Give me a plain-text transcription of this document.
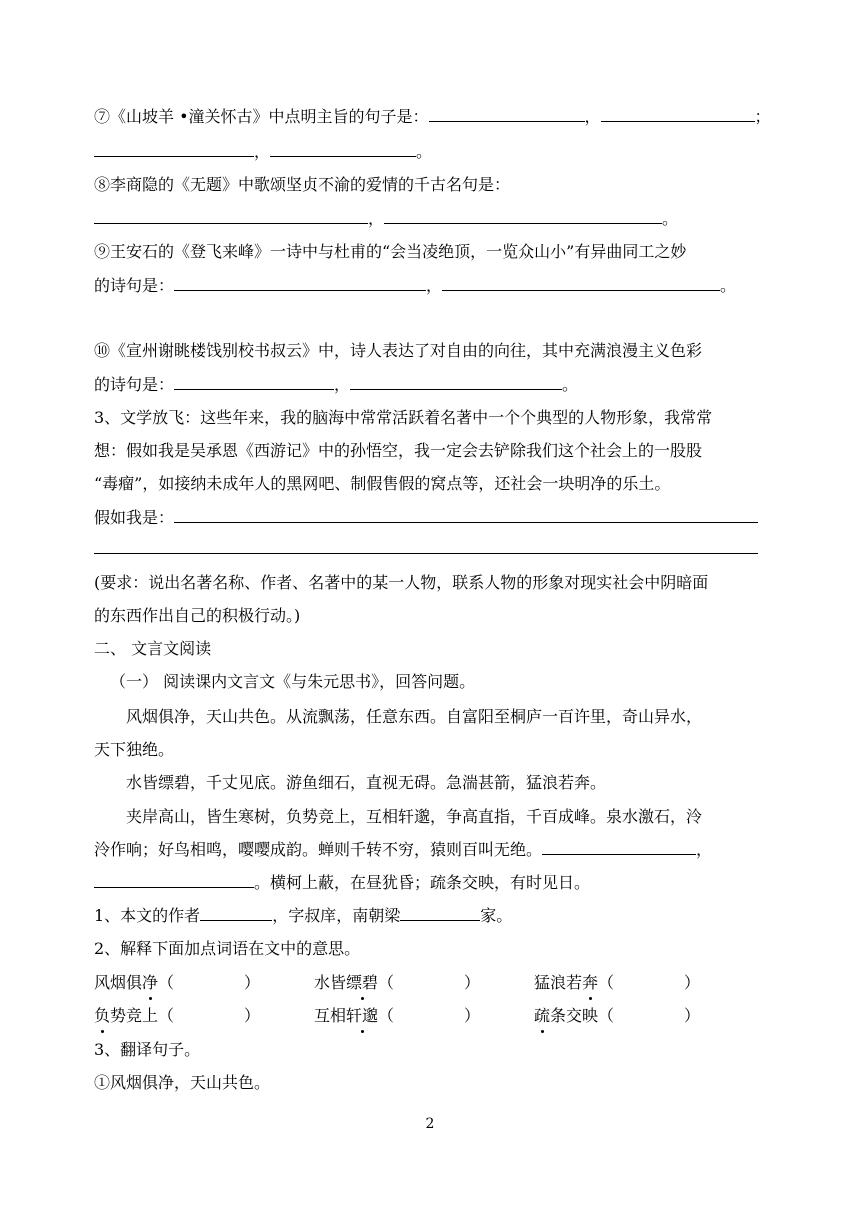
⑦《山坡羊 •潼关怀古》中点明主旨的句子是：	，	；
，	。
⑧李商隐的《无题》中歌颂坚贞不渝的爱情的千古名句是：
，	。
⑨王安石的《登飞来峰》一诗中与杜甫的“会当凌绝顶，一览众山小”有异曲同工之妙
的诗句是：	，	。
⑩《宣州谢眺楼饯别校书叔云》中，诗人表达了对自由的向往，其中充满浪漫主义色彩
的诗句是：	，	。
3、文学放飞：这些年来，我的脑海中常常活跃着名著中一个个典型的人物形象，我常常
想：假如我是吴承恩《西游记》中的孙悟空，我一定会去铲除我们这个社会上的一股股
“毒瘤”，如接纳未成年人的黑网吧、制假售假的窝点等，还社会一块明净的乐土。
假如我是：
(要求：说出名著名称、作者、名著中的某一人物，联系人物的形象对现实社会中阴暗面
的东西作出自己的积极行动。)
二、 文言文阅读
（一） 阅读课内文言文《与朱元思书》，回答问题。
风烟俱净，天山共色。从流飘荡，任意东西。自富阳至桐庐一百许里，奇山异水，
天下独绝。
水皆缥碧，千丈见底。游鱼细石，直视无碍。急湍甚箭，猛浪若奔。
夹岸高山，皆生寒树，负势竞上，互相轩邈，争高直指，千百成峰。泉水激石，泠
泠作响；好鸟相鸣，嘤嘤成韵。蝉则千转不穷，猿则百叫无绝。	，
。横柯上蔽，在昼犹昏；疏条交映，有时见日。
1、本文的作者	，字叔庠，南朝梁	家。
2、解释下面加点词语在文中的意思。
风烟俱净（	）	水皆缥碧（	）	猛浪若奔（	）
负势竞上（	）	互相轩邈（	）	疏条交映（	）
3、翻译句子。
①风烟俱净，天山共色。
2
